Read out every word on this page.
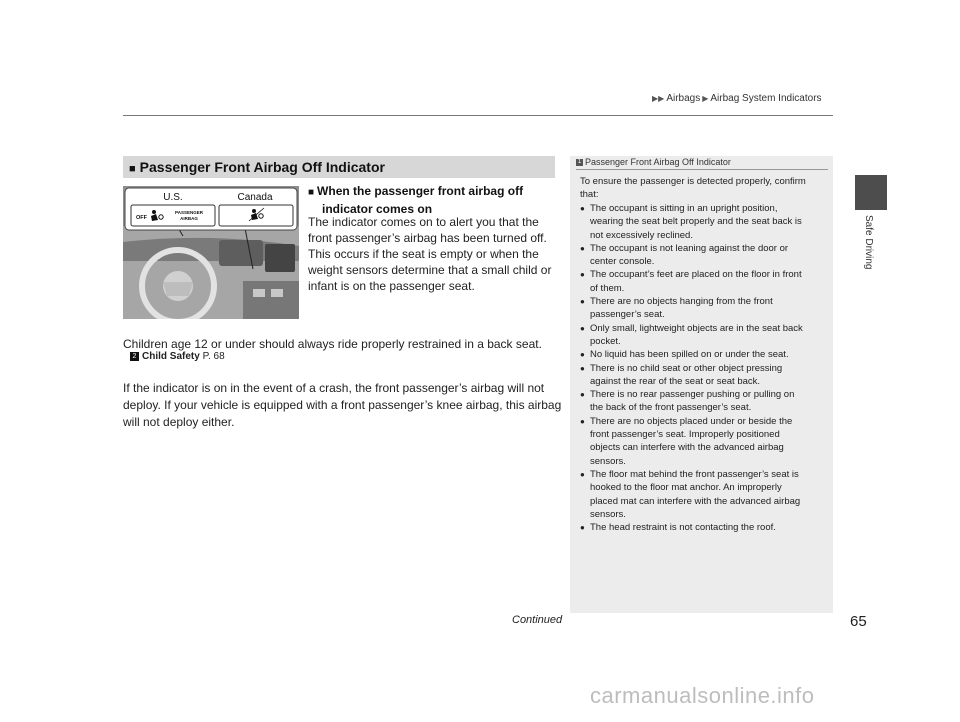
▶▶ Airbags ▶ Airbag System Indicators
Safe Driving
■ Passenger Front Airbag Off Indicator
U.S.	Canada
OFF
PASSENGER
AIRBAG
■ When the passenger front airbag off
indicator comes on
The indicator comes on to alert you that the
front passenger’s airbag has been turned off.
This occurs if the seat is empty or when the
weight sensors determine that a small child or
infant is on the passenger seat.
Children age 12 or under should always ride properly restrained in a back seat.
2 Child Safety P. 68
If the indicator is on in the event of a crash, the front passenger’s airbag will not
deploy. If your vehicle is equipped with a front passenger’s knee airbag, this airbag
will not deploy either.
1 Passenger Front Airbag Off Indicator
To ensure the passenger is detected properly, confirm
that:
● The occupant is sitting in an upright position,
wearing the seat belt properly and the seat back is
not excessively reclined.
● The occupant is not leaning against the door or
center console.
● The occupant’s feet are placed on the floor in front
of them.
● There are no objects hanging from the front
passenger’s seat.
● Only small, lightweight objects are in the seat back
pocket.
● No liquid has been spilled on or under the seat.
● There is no child seat or other object pressing
against the rear of the seat or seat back.
● There is no rear passenger pushing or pulling on
the back of the front passenger’s seat.
● There are no objects placed under or beside the
front passenger’s seat. Improperly positioned
objects can interfere with the advanced airbag
sensors.
● The floor mat behind the front passenger’s seat is
hooked to the floor mat anchor. An improperly
placed mat can interfere with the advanced airbag
sensors.
● The head restraint is not contacting the roof.
Continued	65
carmanualsonline.info
